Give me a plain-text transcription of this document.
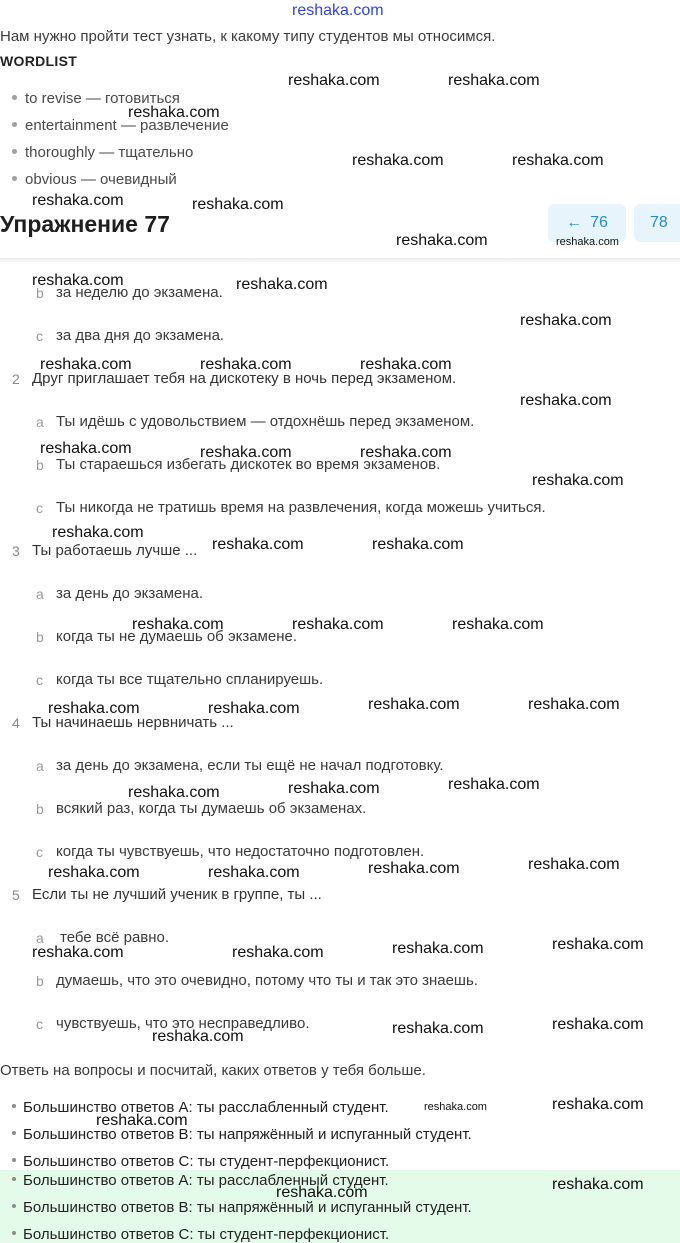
reshaka.com
Нам нужно пройти тест узнать, к какому типу студентов мы относимся.
WORDLIST
to revise — готовиться
entertainment — развлечение
thoroughly — тщательно
obvious — очевидный
Упражнение 77	← 76	78
b за неделю до экзамена.
c за два дня до экзамена.
2 Друг приглашает тебя на дискотеку в ночь перед экзаменом.
a Ты идёшь с удовольствием — отдохнёшь перед экзаменом.
b Ты стараешься избегать дискотек во время экзаменов.
c Ты никогда не тратишь время на развлечения, когда можешь учиться.
3 Ты работаешь лучше ...
a за день до экзамена.
b когда ты не думаешь об экзамене.
c когда ты все тщательно спланируешь.
4 Ты начинаешь нервничать ...
a за день до экзамена, если ты ещё не начал подготовку.
b всякий раз, когда ты думаешь об экзаменах.
c когда ты чувствуешь, что недостаточно подготовлен.
5 Если ты не лучший ученик в группе, ты ...
a тебе всё равно.
b думаешь, что это очевидно, потому что ты и так это знаешь.
c чувствуешь, что это несправедливо.
Ответь на вопросы и посчитай, каких ответов у тебя больше.
Большинство ответов А: ты расслабленный студент.
Большинство ответов В: ты напряжённый и испуганный студент.
Большинство ответов С: ты студент-перфекционист.
Большинство ответов А: ты расслабленный студент.
Большинство ответов В: ты напряжённый и испуганный студент.
Большинство ответов С: ты студент-перфекционист.
reshaka.com	reshaka.com
reshaka.com
reshaka.com	reshaka.com
reshaka.com	reshaka.com
reshaka.com	reshaka.com
reshaka.com	reshaka.com
reshaka.com
reshaka.com	reshaka.com	reshaka.com
reshaka.com
reshaka.com	reshaka.com	reshaka.com
reshaka.com
reshaka.com
reshaka.com	reshaka.com
reshaka.com	reshaka.com	reshaka.com
reshaka.com	reshaka.com	reshaka.com	reshaka.com
reshaka.com	reshaka.com	reshaka.com
reshaka.com	reshaka.com	reshaka.com	reshaka.com
reshaka.com	reshaka.com	reshaka.com	reshaka.com
reshaka.com	reshaka.com
reshaka.com
reshaka.com	reshaka.com
reshaka.com
reshaka.com
reshaka.com
